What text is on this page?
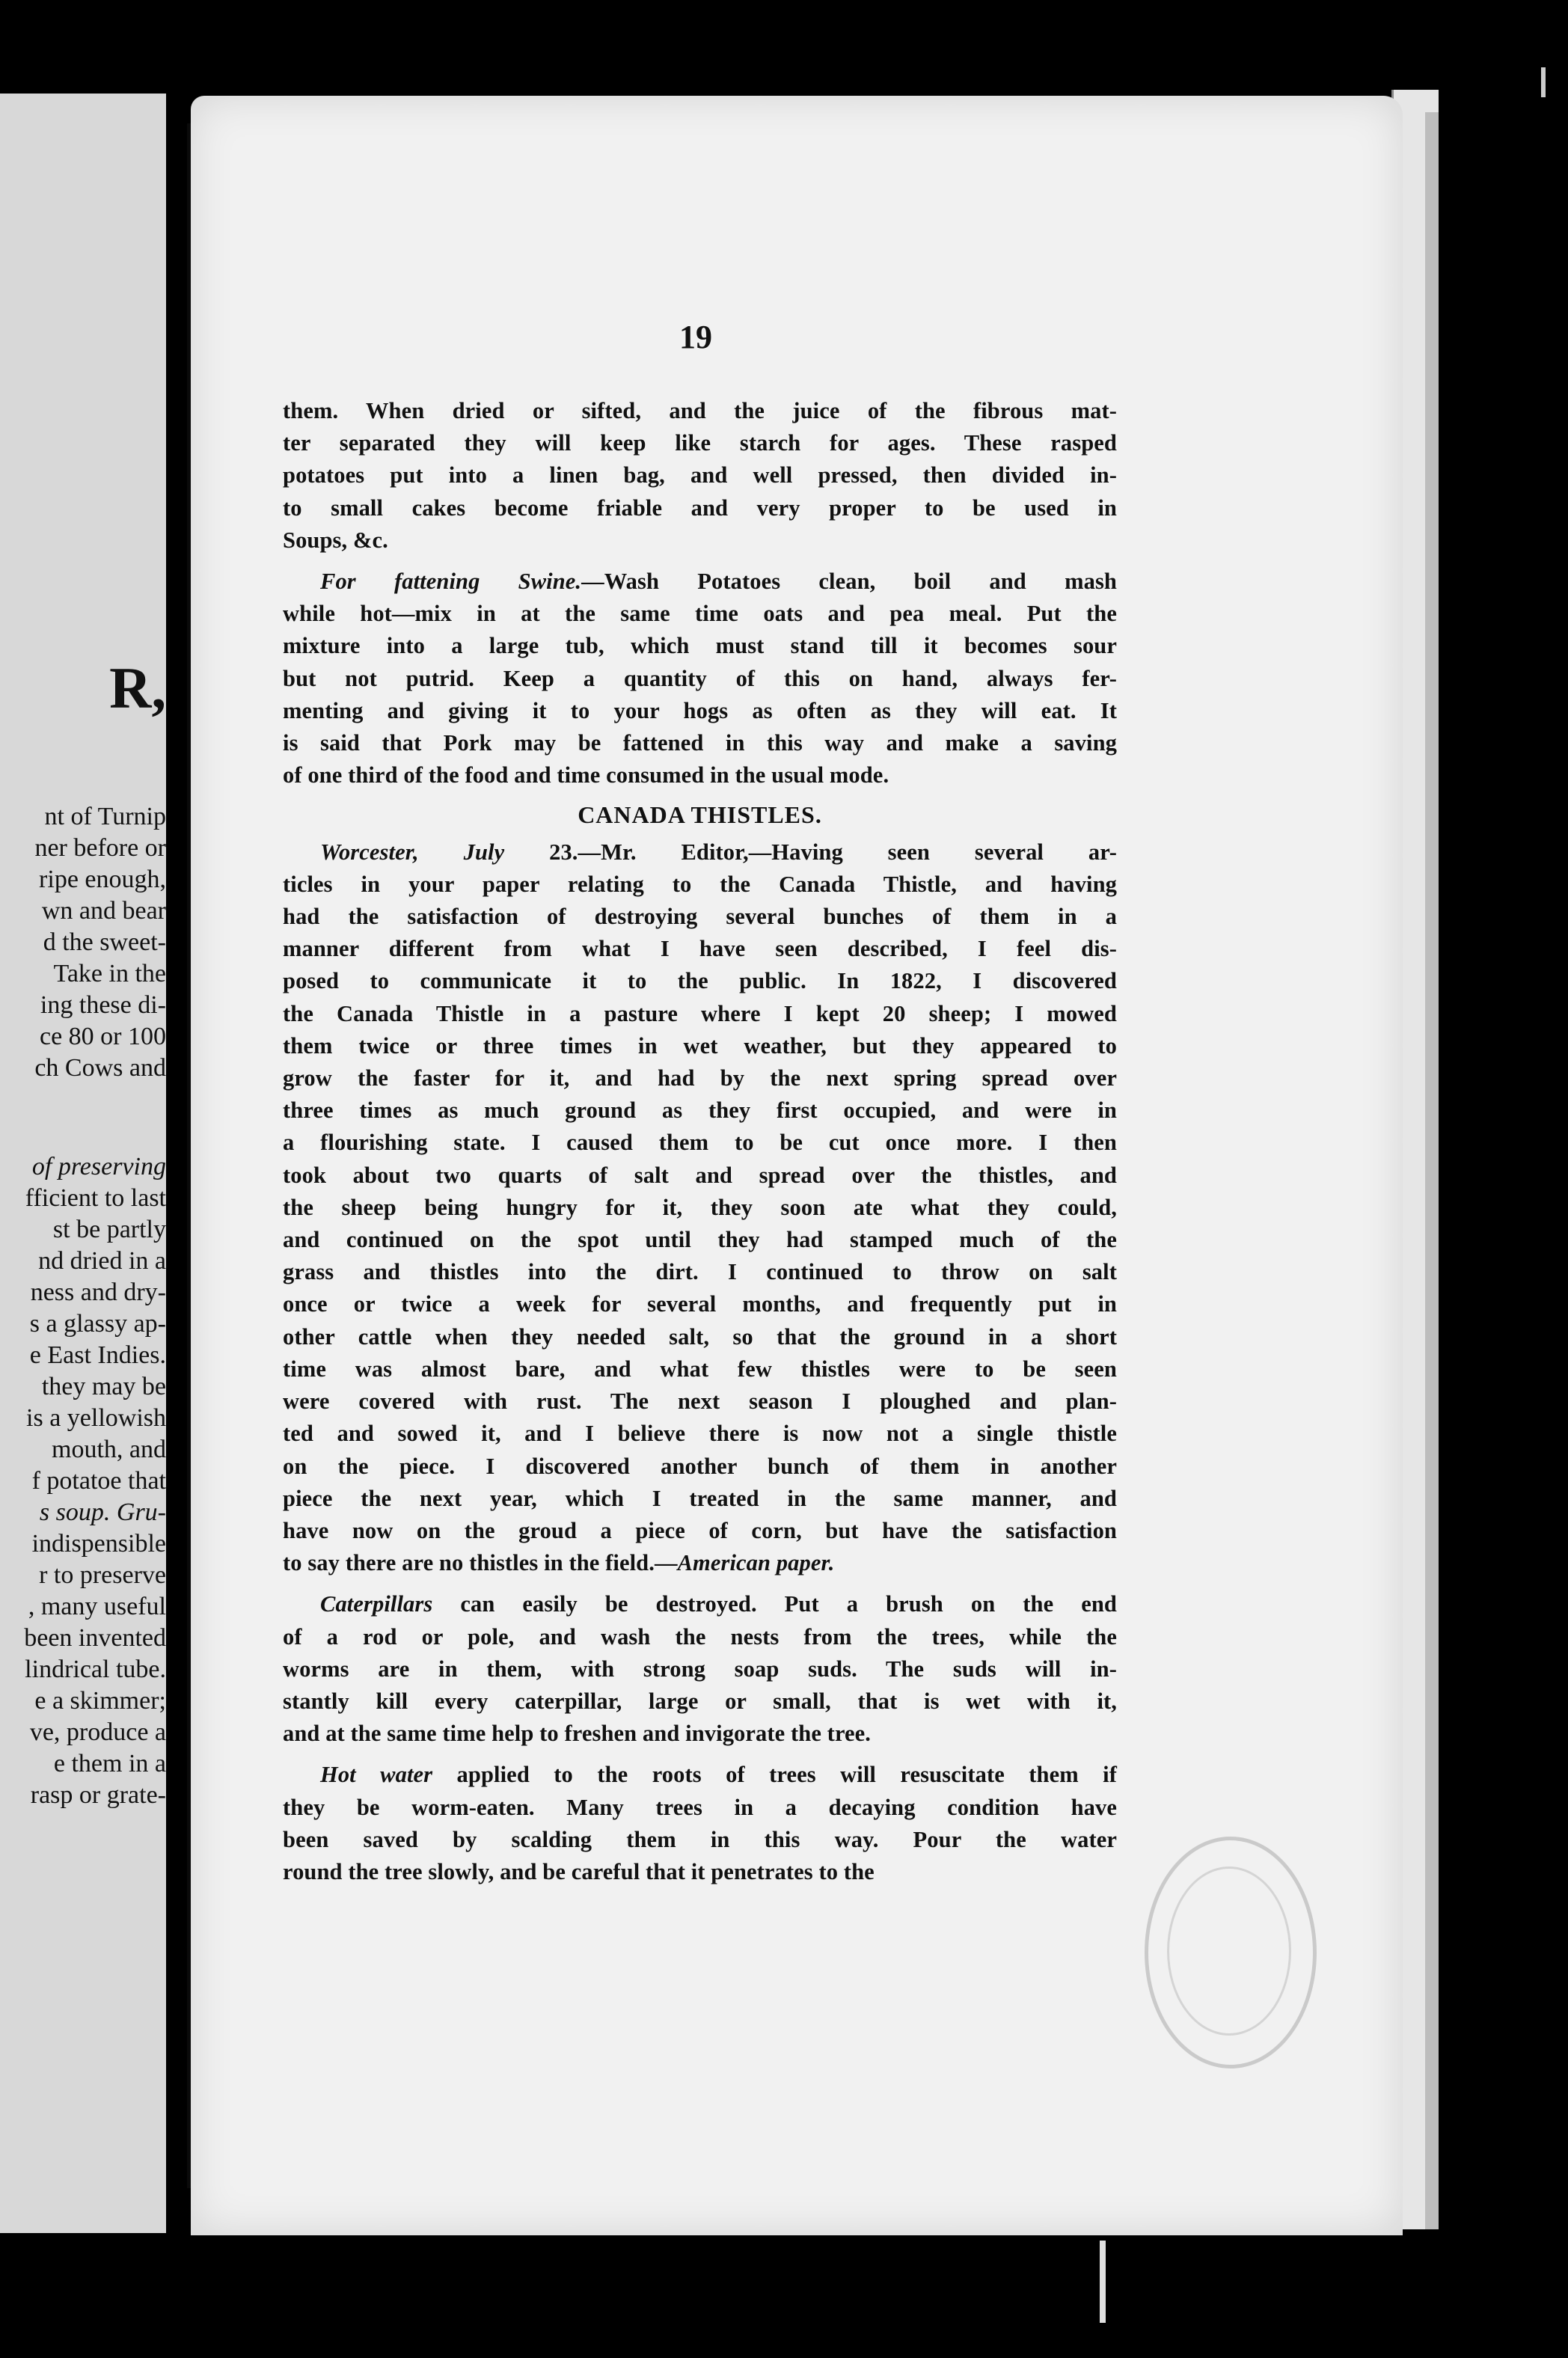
R,
nt of Turnip
ner before or
ripe enough,
wn and bear
d the sweet-
Take in the
ing these di-
ce 80 or 100
ch Cows and
of preserving
fficient to last
st be partly
nd dried in a
ness and dry-
s a glassy ap-
e East Indies.
they may be
is a yellowish
mouth, and
f potatoe that
s soup. Gru-
indispensible
r to preserve
, many useful
been invented
lindrical tube.
e a skimmer;
ve, produce a
e them in a
rasp or grate-
19

them. When dried or sifted, and the juice of the fibrous mat-

ter separated they will keep like starch for ages. These rasped

potatoes put into a linen bag, and well pressed, then divided in-

to small cakes become friable and very proper to be used in

Soups, &c.

For fattening Swine.—Wash Potatoes clean, boil and mash

while hot—mix in at the same time oats and pea meal. Put the

mixture into a large tub, which must stand till it becomes sour

but not putrid. Keep a quantity of this on hand, always fer-

menting and giving it to your hogs as often as they will eat. It

is said that Pork may be fattened in this way and make a saving

of one third of the food and time consumed in the usual mode.

CANADA THISTLES.

Worcester, July 23.—Mr. Editor,—Having seen several ar-

ticles in your paper relating to the Canada Thistle, and having

had the satisfaction of destroying several bunches of them in a

manner different from what I have seen described, I feel dis-

posed to communicate it to the public. In 1822, I discovered

the Canada Thistle in a pasture where I kept 20 sheep; I mowed

them twice or three times in wet weather, but they appeared to

grow the faster for it, and had by the next spring spread over

three times as much ground as they first occupied, and were in

a flourishing state. I caused them to be cut once more. I then

took about two quarts of salt and spread over the thistles, and

the sheep being hungry for it, they soon ate what they could,

and continued on the spot until they had stamped much of the

grass and thistles into the dirt. I continued to throw on salt

once or twice a week for several months, and frequently put in

other cattle when they needed salt, so that the ground in a short

time was almost bare, and what few thistles were to be seen

were covered with rust. The next season I ploughed and plan-

ted and sowed it, and I believe there is now not a single thistle

on the piece. I discovered another bunch of them in another

piece the next year, which I treated in the same manner, and

have now on the groud a piece of corn, but have the satisfaction

to say there are no thistles in the field.—American paper.

Caterpillars can easily be destroyed. Put a brush on the end

of a rod or pole, and wash the nests from the trees, while the

worms are in them, with strong soap suds. The suds will in-

stantly kill every caterpillar, large or small, that is wet with it,

and at the same time help to freshen and invigorate the tree.

Hot water applied to the roots of trees will resuscitate them if

they be worm-eaten. Many trees in a decaying condition have

been saved by scalding them in this way. Pour the water

round the tree slowly, and be careful that it penetrates to the
